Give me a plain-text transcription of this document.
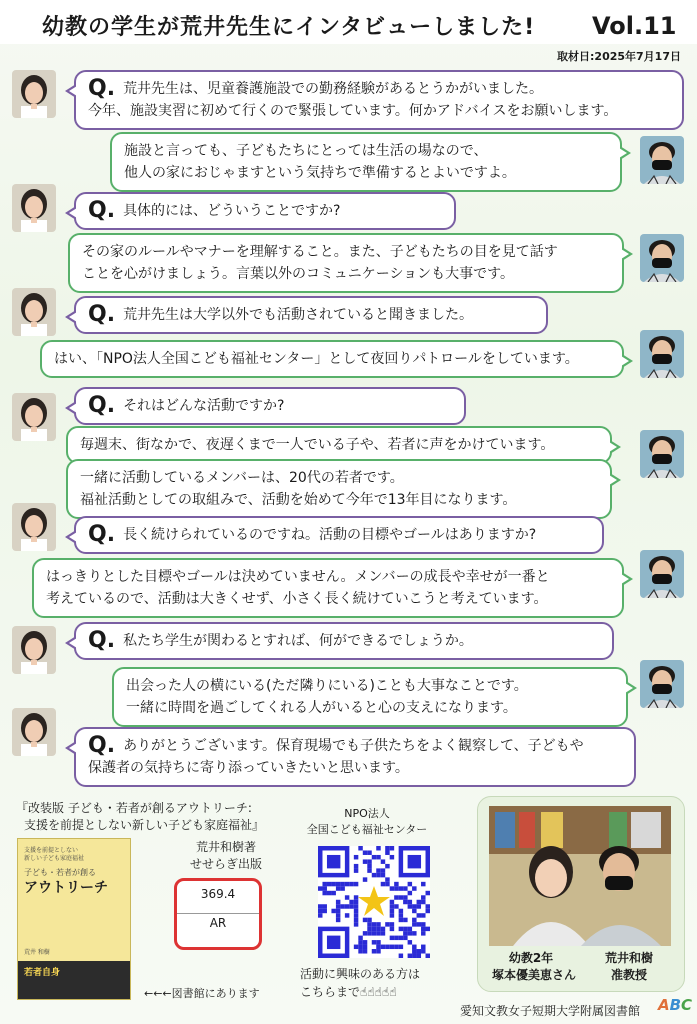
幼教の学生が荒井先生にインタビューしました! Vol.11
取材日:2025年7月17日
Q. 荒井先生は、児童養護施設での勤務経験があるとうかがいました。
今年、施設実習に初めて行くので緊張しています。何かアドバイスをお願いします。
施設と言っても、子どもたちにとっては生活の場なので、
他人の家におじゃますという気持ちで準備するとよいですよ。
Q. 具体的には、どういうことですか?
その家のルールやマナーを理解すること。また、子どもたちの目を見て話す
ことを心がけましょう。言葉以外のコミュニケーションも大事です。
Q. 荒井先生は大学以外でも活動されていると聞きました。
はい、「NPO法人全国こども福祉センター」として夜回りパトロールをしています。
Q. それはどんな活動ですか?
毎週末、街なかで、夜遅くまで一人でいる子や、若者に声をかけています。
一緒に活動しているメンバーは、20代の若者です。
福祉活動としての取組みで、活動を始めて今年で13年目になります。
Q. 長く続けられているのですね。活動の目標やゴールはありますか?
はっきりとした目標やゴールは決めていません。メンバーの成長や幸せが一番と
考えているので、活動は大きくせず、小さく長く続けていこうと考えています。
Q. 私たち学生が関わるとすれば、何ができるでしょうか。
出会った人の横にいる(ただ隣りにいる)ことも大事なことです。
一緒に時間を過ごしてくれる人がいると心の支えになります。
Q. ありがとうございます。保育現場でも子供たちをよく観察して、子どもや
保護者の気持ちに寄り添っていきたいと思います。
『改装版 子ども・若者が創るアウトリーチ:
支援を前提としない新しい子ども家庭福祉』
支援を前提としない
新しい子ども家庭福祉
子ども・若者が創る
アウトリーチ
荒井 和樹
若者自身
荒井和樹著
せせらぎ出版
369.4
AR
←←←図書館にあります
NPO法人
全国こども福祉センター
活動に興味のある方は
こちらまで☝☝☝☝☝
幼教2年
塚本優美恵さん
荒井和樹
准教授
愛知文教女子短期大学附属図書館 ABC
